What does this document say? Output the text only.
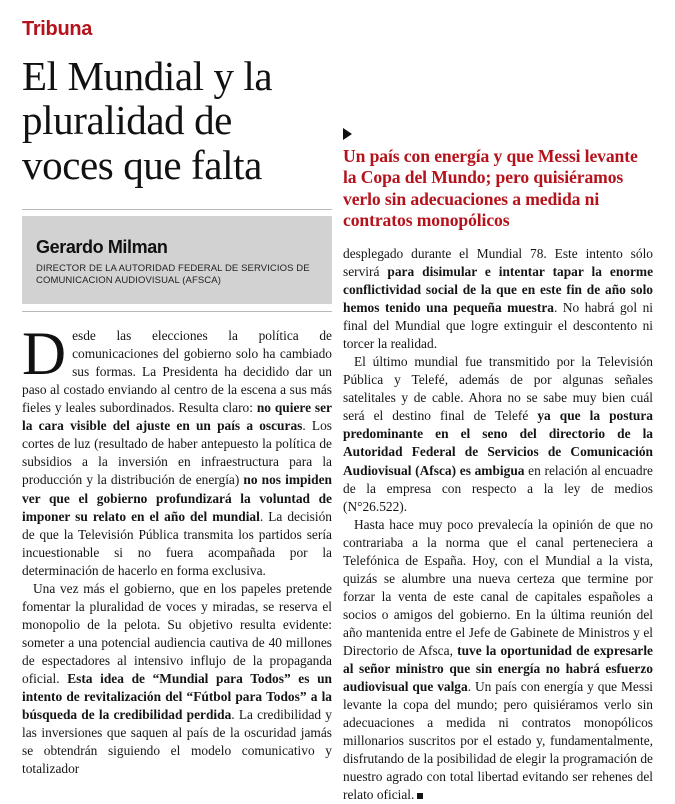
Tribuna
El Mundial y la pluralidad de voces que falta
Gerardo Milman
DIRECTOR DE LA AUTORIDAD FEDERAL DE SERVICIOS DE
COMUNICACION AUDIOVISUAL (AFSCA)

Desde las elecciones la política de comunicaciones del gobierno solo ha cambiado sus formas. La Presidenta ha decidido dar un paso al costado enviando al centro de la escena a sus más fieles y leales subordinados. Resulta claro: no quiere ser la cara visible del ajuste en un país a oscuras. Los cortes de luz (resultado de haber antepuesto la política de subsidios a la inversión en infraestructura para la producción y la distribución de energía) no nos impiden ver que el gobierno profundizará la voluntad de imponer su relato en el año del mundial. La decisión de que la Televisión Pública transmita los partidos sería incuestionable si no fuera acompañada por la determinación de hacerlo en forma exclusiva.

Una vez más el gobierno, que en los papeles pretende fomentar la pluralidad de voces y miradas, se reserva el monopolio de la pelota. Su objetivo resulta evidente: someter a una potencial audiencia cautiva de 40 millones de espectadores al intensivo influjo de la propaganda oficial. Esta idea de “Mundial para Todos” es un intento de revitalización del “Fútbol para Todos” a la búsqueda de la credibilidad perdida. La credibilidad y las inversiones que saquen al país de la oscuridad jamás se obtendrán siguiendo el modelo comunicativo y totalizador

Un país con energía y que Messi levante la Copa del Mundo; pero quisiéramos verlo sin adecuaciones a medida ni contratos monopólicos

desplegado durante el Mundial 78. Este intento sólo servirá para disimular e intentar tapar la enorme conflictividad social de la que en este fin de año solo hemos tenido una pequeña muestra. No habrá gol ni final del Mundial que logre extinguir el descontento ni torcer la realidad.

El último mundial fue transmitido por la Televisión Pública y Telefé, además de por algunas señales satelitales y de cable. Ahora no se sabe muy bien cuál será el destino final de Telefé ya que la postura predominante en el seno del directorio de la Autoridad Federal de Servicios de Comunicación Audiovisual (Afsca) es ambigua en relación al encuadre de la empresa con respecto a la ley de medios (N°26.522).

Hasta hace muy poco prevalecía la opinión de que no contrariaba a la norma que el canal perteneciera a Telefónica de España. Hoy, con el Mundial a la vista, quizás se alumbre una nueva certeza que termine por forzar la venta de este canal de capitales españoles a socios o amigos del gobierno. En la última reunión del año mantenida entre el Jefe de Gabinete de Ministros y el Directorio de Afsca, tuve la oportunidad de expresarle al señor ministro que sin energía no habrá esfuerzo audiovisual que valga. Un país con energía y que Messi levante la copa del mundo; pero quisiéramos verlo sin adecuaciones a medida ni contratos monopólicos millonarios suscritos por el estado y, fundamentalmente, disfrutando de la posibilidad de elegir la programación de nuestro agrado con total libertad evitando ser rehenes del relato oficial.
